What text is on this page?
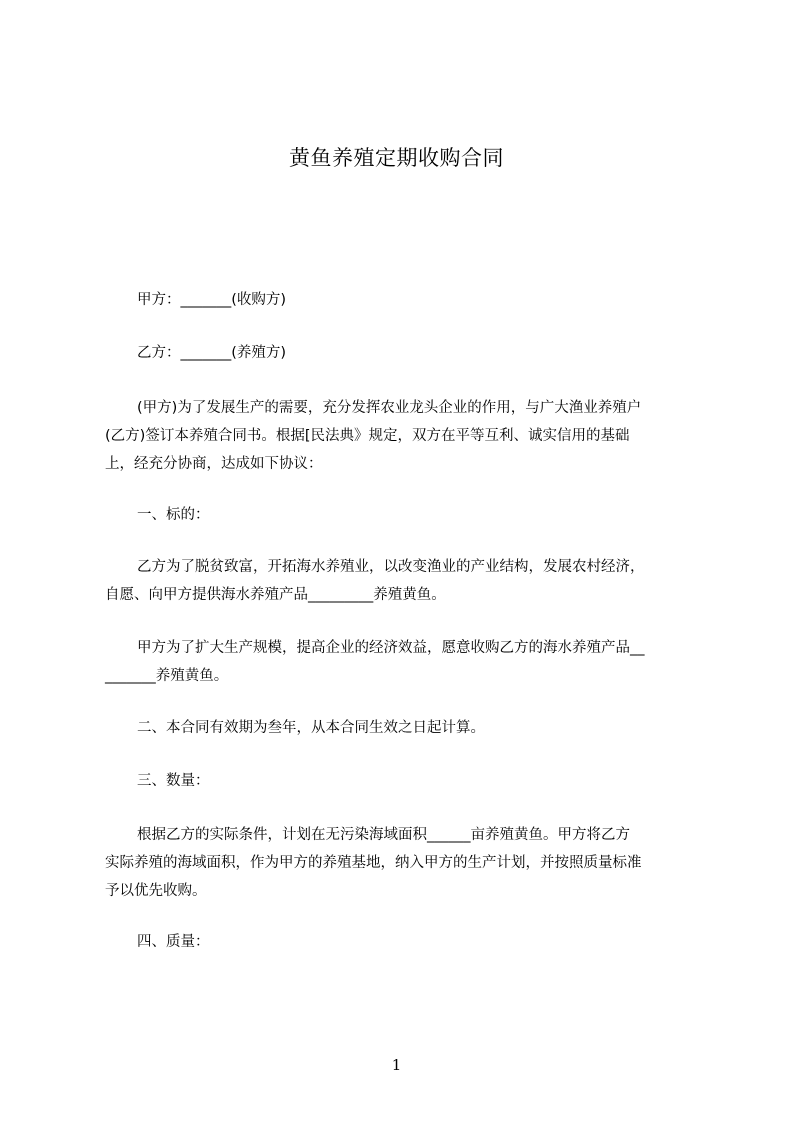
黄鱼养殖定期收购合同
甲方：_______(收购方)
乙方：_______(养殖方)
(甲方)为了发展生产的需要，充分发挥农业龙头企业的作用，与广大渔业养殖户
(乙方)签订本养殖合同书。根据[民法典》规定，双方在平等互利、诚实信用的基础
上，经充分协商，达成如下协议：
一、标的：
乙方为了脱贫致富，开拓海水养殖业，以改变渔业的产业结构，发展农村经济，
自愿、向甲方提供海水养殖产品_________养殖黄鱼。
甲方为了扩大生产规模，提高企业的经济效益，愿意收购乙方的海水养殖产品__
_______养殖黄鱼。
二、本合同有效期为叁年，从本合同生效之日起计算。
三、数量：
根据乙方的实际条件，计划在无污染海域面积______亩养殖黄鱼。甲方将乙方
实际养殖的海域面积，作为甲方的养殖基地，纳入甲方的生产计划，并按照质量标准
予以优先收购。
四、质量：
1
